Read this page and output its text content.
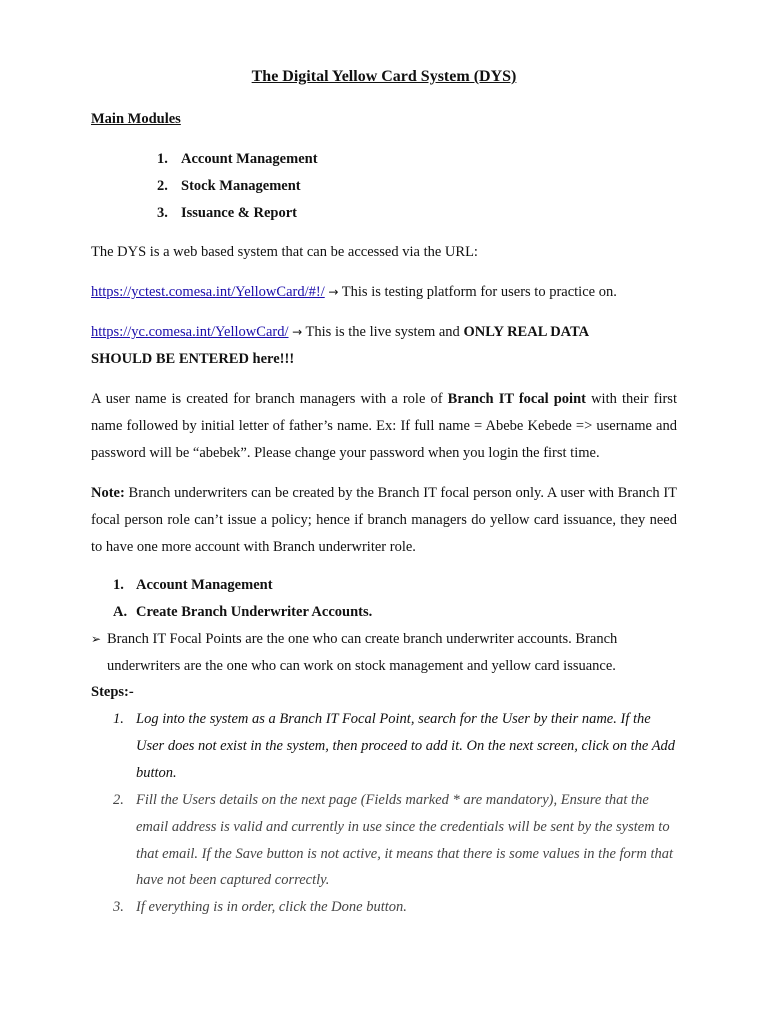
The Digital Yellow Card System (DYS)
Main Modules
1. Account Management
2. Stock Management
3. Issuance & Report
The DYS is a web based system that can be accessed via the URL:
https://yctest.comesa.int/YellowCard/#!/ → This is testing platform for users to practice on.
https://yc.comesa.int/YellowCard/ → This is the live system and ONLY REAL DATA
SHOULD BE ENTERED here!!!

A user name is created for branch managers with a role of Branch IT focal point with their first name followed by initial letter of father’s name. Ex: If full name = Abebe Kebede => username and password will be “abebek”. Please change your password when you login the first time.

Note: Branch underwriters can be created by the Branch IT focal person only. A user with Branch IT focal person role can’t issue a policy; hence if branch managers do yellow card issuance, they need to have one more account with Branch underwriter role.

1. Account Management
A. Create Branch Underwriter Accounts.
➢ Branch IT Focal Points are the one who can create branch underwriter accounts. Branch underwriters are the one who can work on stock management and yellow card issuance.
Steps:-
1. Log into the system as a Branch IT Focal Point, search for the User by their name. If the User does not exist in the system, then proceed to add it. On the next screen, click on the Add button.
2. Fill the Users details on the next page (Fields marked * are mandatory), Ensure that the email address is valid and currently in use since the credentials will be sent by the system to that email. If the Save button is not active, it means that there is some values in the form that have not been captured correctly.
3. If everything is in order, click the Done button.
